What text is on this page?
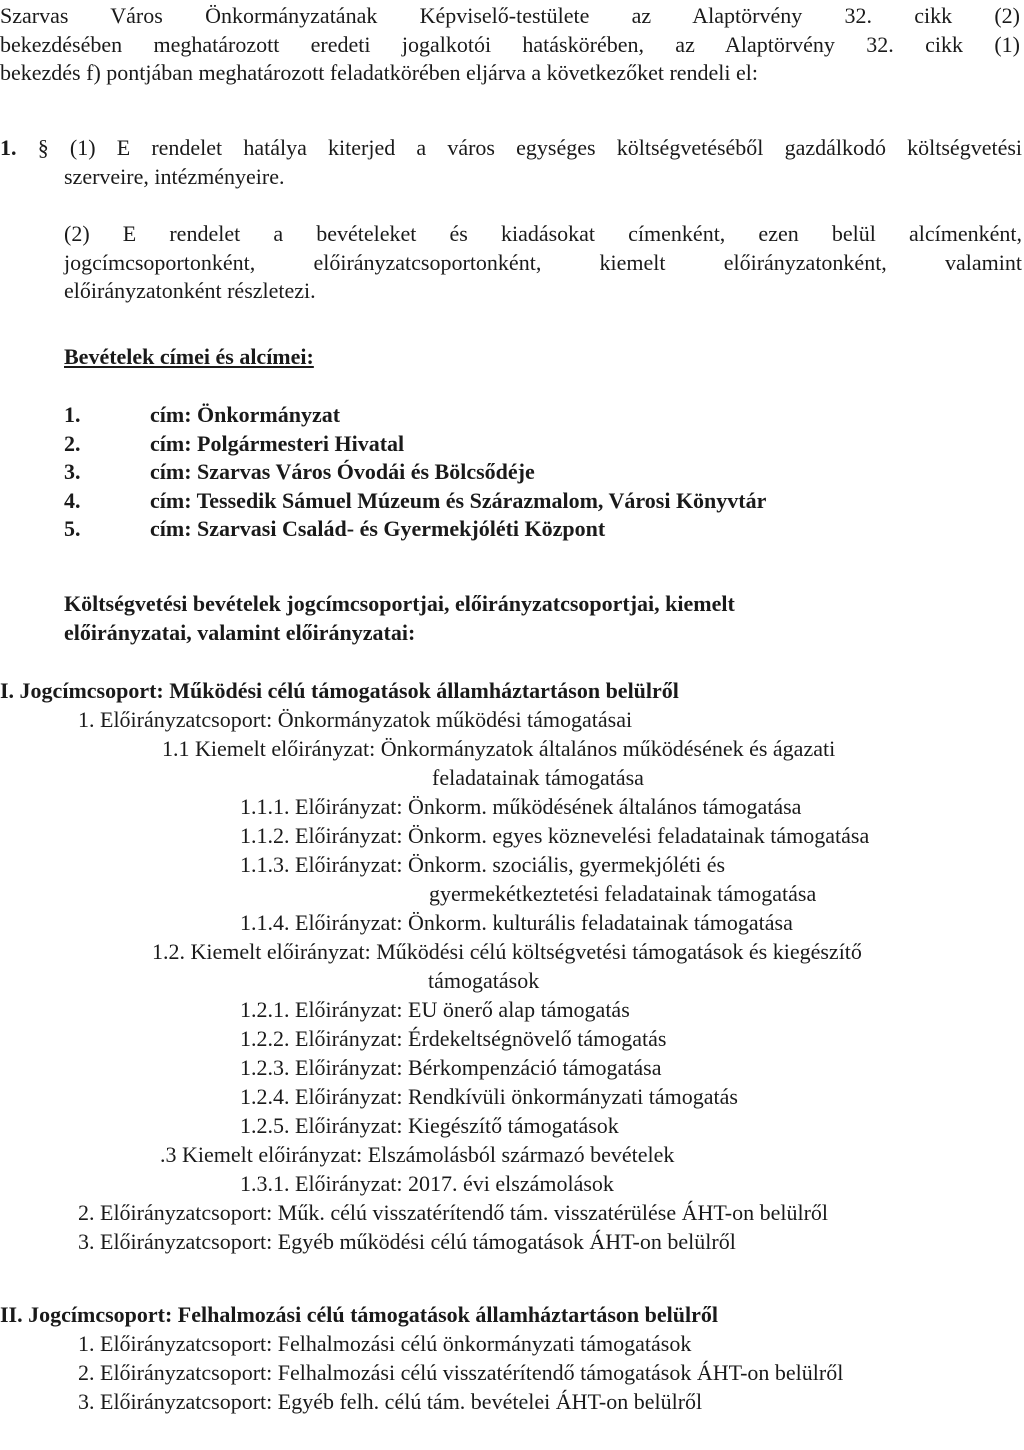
Szarvas Város Önkormányzatának Képviselő-testülete az Alaptörvény 32. cikk (2)
bekezdésében meghatározott eredeti jogalkotói hatáskörében, az Alaptörvény 32. cikk (1)
bekezdés f) pontjában meghatározott feladatkörében eljárva a következőket rendeli el:
1. § (1) E rendelet hatálya kiterjed a város egységes költségvetéséből gazdálkodó költségvetési
szerveire, intézményeire.
(2) E rendelet a bevételeket és kiadásokat címenként, ezen belül alcímenként,
jogcímcsoportonként, előirányzatcsoportonként, kiemelt előirányzatonként, valamint
előirányzatonként részletezi.
Bevételek címei és alcímei:
1.	cím: Önkormányzat
2.	cím: Polgármesteri Hivatal
3.	cím: Szarvas Város Óvodái és Bölcsődéje
4.	cím: Tessedik Sámuel Múzeum és Szárazmalom, Városi Könyvtár
5.	cím: Szarvasi Család- és Gyermekjóléti Központ
Költségvetési bevételek jogcímcsoportjai, előirányzatcsoportjai, kiemelt
előirányzatai, valamint előirányzatai:
I. Jogcímcsoport: Működési célú támogatások államháztartáson belülről
1. Előirányzatcsoport: Önkormányzatok működési támogatásai
1.1 Kiemelt előirányzat: Önkormányzatok általános működésének és ágazati
feladatainak támogatása
1.1.1. Előirányzat: Önkorm. működésének általános támogatása
1.1.2. Előirányzat: Önkorm. egyes köznevelési feladatainak támogatása
1.1.3. Előirányzat: Önkorm. szociális, gyermekjóléti és
gyermekétkeztetési feladatainak támogatása
1.1.4. Előirányzat: Önkorm. kulturális feladatainak támogatása
1.2. Kiemelt előirányzat: Működési célú költségvetési támogatások és kiegészítő
támogatások
1.2.1. Előirányzat: EU önerő alap támogatás
1.2.2. Előirányzat: Érdekeltségnövelő támogatás
1.2.3. Előirányzat: Bérkompenzáció támogatása
1.2.4. Előirányzat: Rendkívüli önkormányzati támogatás
1.2.5. Előirányzat: Kiegészítő támogatások
.3 Kiemelt előirányzat: Elszámolásból származó bevételek
1.3.1. Előirányzat: 2017. évi elszámolások
2. Előirányzatcsoport: Műk. célú visszatérítendő tám. visszatérülése ÁHT-on belülről
3. Előirányzatcsoport: Egyéb működési célú támogatások ÁHT-on belülről
II. Jogcímcsoport: Felhalmozási célú támogatások államháztartáson belülről
1. Előirányzatcsoport: Felhalmozási célú önkormányzati támogatások
2. Előirányzatcsoport: Felhalmozási célú visszatérítendő támogatások ÁHT-on belülről
3. Előirányzatcsoport: Egyéb felh. célú tám. bevételei ÁHT-on belülről
